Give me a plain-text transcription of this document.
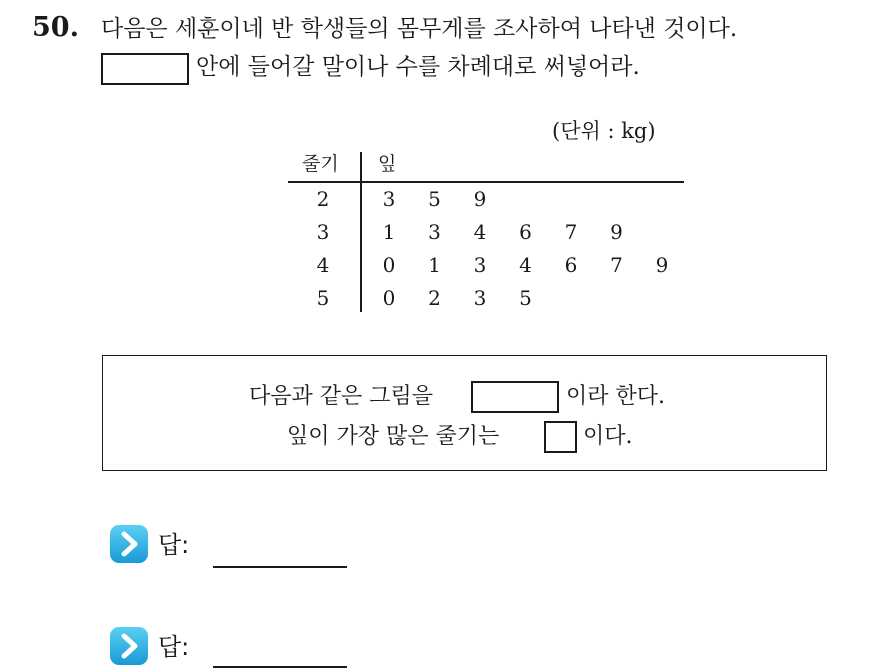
50. 다음은 세훈이네 반 학생들의 몸무게를 조사하여 나타낸 것이다.
안에 들어갈 말이나 수를 차례대로 써넣어라.
(단위 : kg)
줄기 잎
2	3 5 9
3	1 3 4 6 7 9
4	0 1 3 4 6 7 9
5	0 2 3 5
다음과 같은 그림을	이라 한다.
잎이 가장 많은 줄기는	이다.
답:
답:
